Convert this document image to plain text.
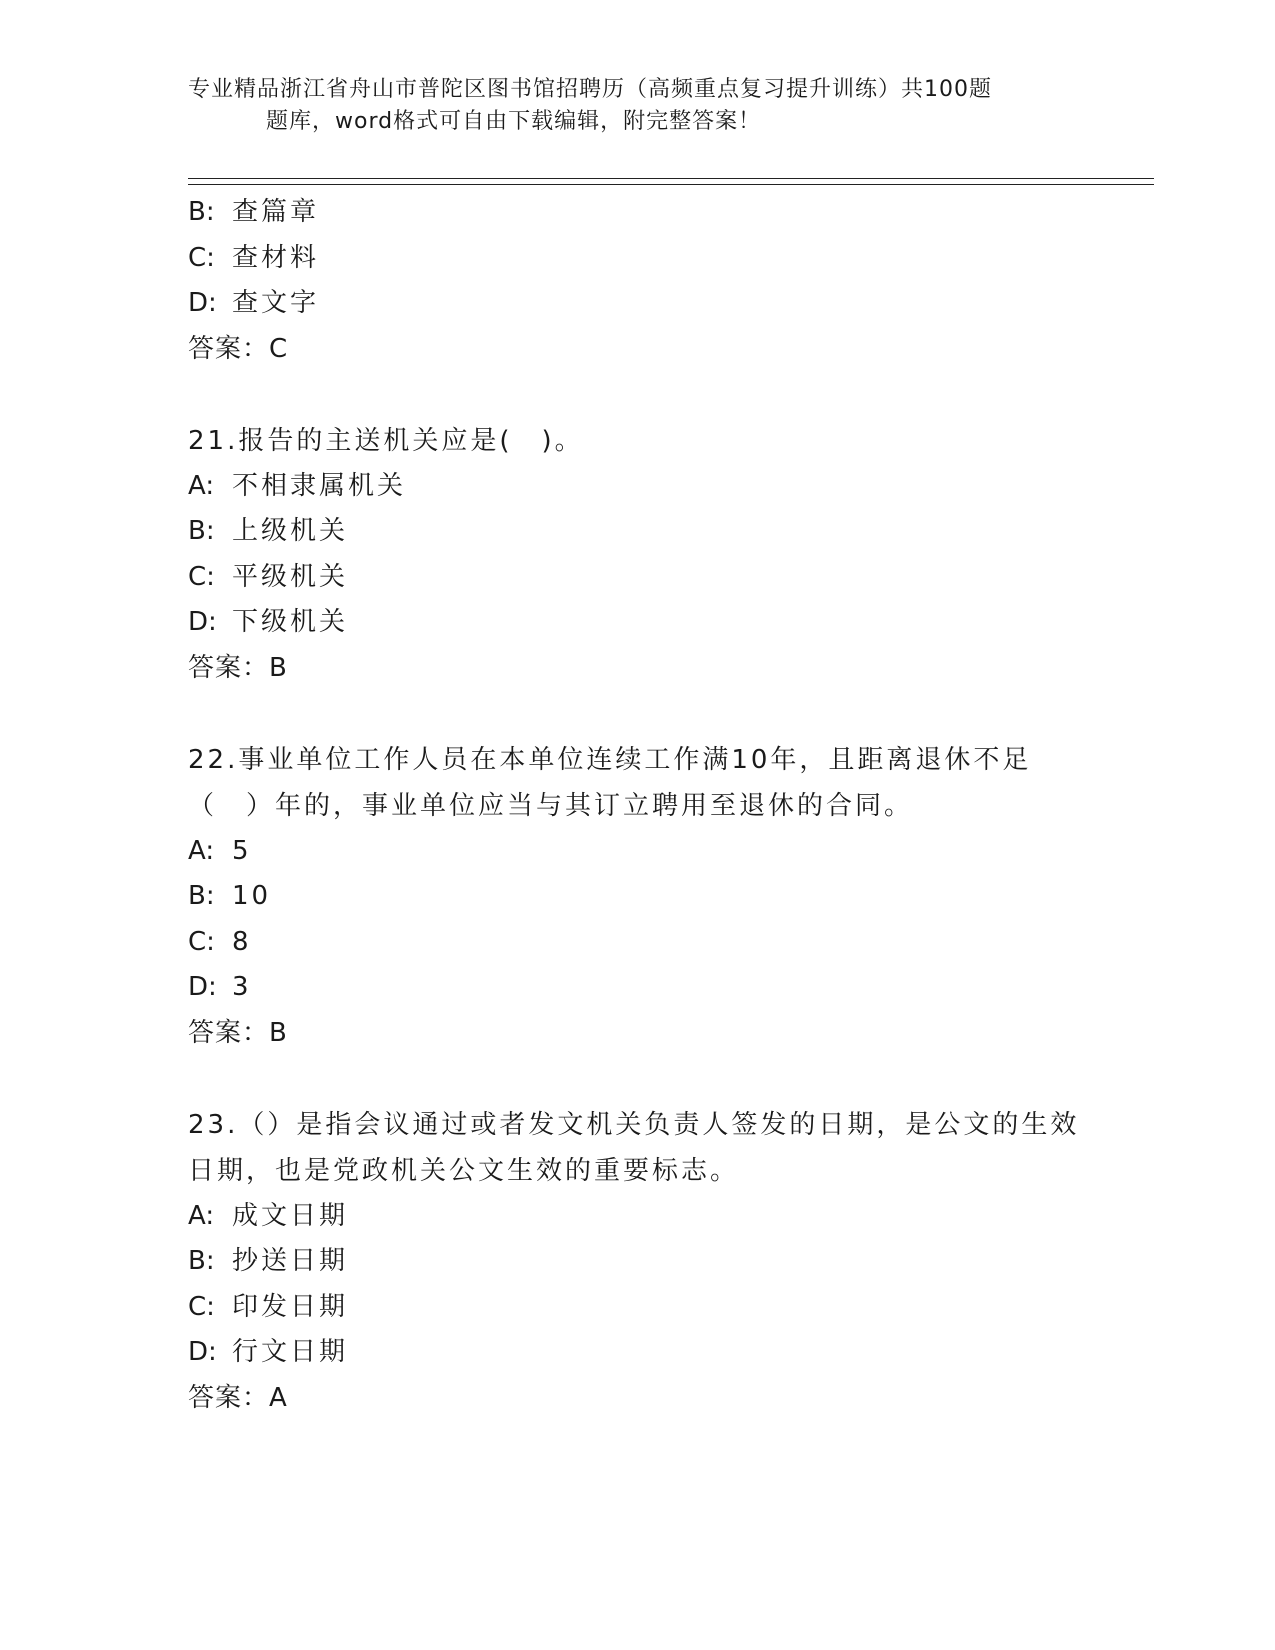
专业精品浙江省舟山市普陀区图书馆招聘历（高频重点复习提升训练）共100题
题库，word格式可自由下载编辑，附完整答案！
B: 查篇章
C: 查材料
D: 查文字
答案：C
21.报告的主送机关应是(　)。
A: 不相隶属机关
B: 上级机关
C: 平级机关
D: 下级机关
答案：B
22.事业单位工作人员在本单位连续工作满10年，且距离退休不足（　）年的，事业单位应当与其订立聘用至退休的合同。
A: 5
B: 10
C: 8
D: 3
答案：B
23.（）是指会议通过或者发文机关负责人签发的日期，是公文的生效日期，也是党政机关公文生效的重要标志。
A: 成文日期
B: 抄送日期
C: 印发日期
D: 行文日期
答案：A
